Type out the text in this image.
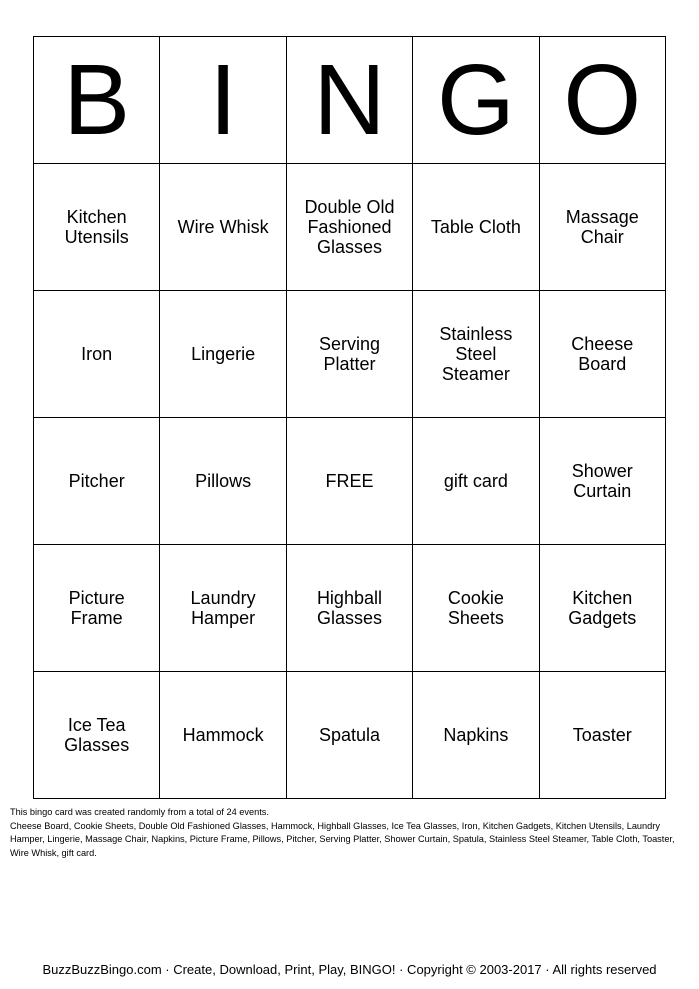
B	I	N	G	O
Kitchen Utensils	Wire Whisk	Double Old Fashioned Glasses	Table Cloth	Massage Chair
Iron	Lingerie	Serving Platter	Stainless Steel Steamer	Cheese Board
Pitcher	Pillows	FREE	gift card	Shower Curtain
Picture Frame	Laundry Hamper	Highball Glasses	Cookie Sheets	Kitchen Gadgets
Ice Tea Glasses	Hammock	Spatula	Napkins	Toaster

This bingo card was created randomly from a total of 24 events.

Cheese Board, Cookie Sheets, Double Old Fashioned Glasses, Hammock, Highball Glasses, Ice Tea Glasses, Iron, Kitchen Gadgets, Kitchen Utensils, Laundry Hamper, Lingerie, Massage Chair, Napkins, Picture Frame, Pillows, Pitcher, Serving Platter, Shower Curtain, Spatula, Stainless Steel Steamer, Table Cloth, Toaster, Wire Whisk, gift card.

BuzzBuzzBingo.com · Create, Download, Print, Play, BINGO! · Copyright © 2003-2017 · All rights reserved
